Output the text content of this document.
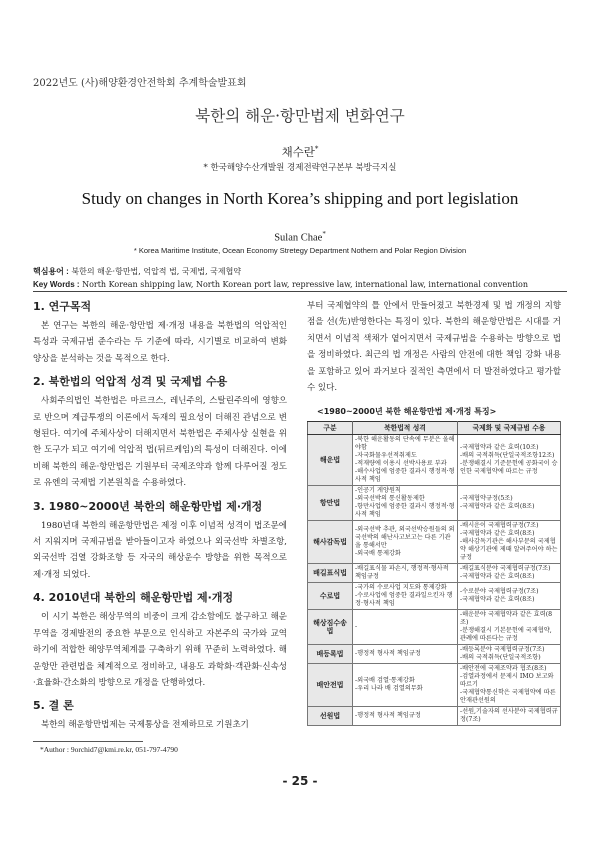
2022년도 (사)해양환경안전학회 추계학술발표회
북한의 해운·항만법제 변화연구
채수란*
* 한국해양수산개발원 경제전략연구본부 북방극지실
Study on changes in North Korea’s shipping and port legislation
Sulan Chae*
* Korea Maritime Institute, Ocean Economy Stretegy Department Nothern and Polar Region Division
핵심용어 : 북한의 해운·항만법, 억압적 법, 국제법, 국제협약
Key Words : North Korean shipping law, North Korean port law, repressive law, international law, international convention
1. 연구목적

본 연구는 북한의 해운·항만법 제·개정 내용을 북한법의 억압적인 특성과 국제규범 준수라는 두 기준에 따라, 시기별로 비교하여 변화양상을 분석하는 것을 목적으로 한다.

2. 북한법의 억압적 성격 및 국제법 수용

사회주의법인 북한법은 마르크스, 레닌주의, 스탈린주의에 영향으로 반으며 계급투쟁의 이론에서 독재의 필요성이 더해진 관념으로 변형된다. 여기에 주체사상이 더해지면서 북한법은 주체사상 실현을 위한 도구가 되고 여기에 억압적 법(뒤르케임)의 특성이 더해진다. 이에 비해 북한의 해운·항만법은 기원부터 국제조약과 함께 다루어질 정도로 유엔의 국제법 기본원칙을 수용하였다.

3. 1980~2000년 북한의 해운항만법 제·개정

1980년대 북한의 해운항만법은 제정 이후 이념적 성격이 법조문에서 지워지며 국제규범을 받아들이고자 하였으나 외국선박 차별조항, 외국선박 검열 강화조항 등 자국의 해상운수 방향을 위한 목적으로 제·개정 되었다.

4. 2010년대 북한의 해운항만법 제·개정

이 시기 북한은 해상무역의 비중이 크게 감소함에도 불구하고 해운무역을 경제발전의 중요한 부문으로 인식하고 자본주의 국가와 교역하기에 적합한 해양무역체계를 구축하기 위해 꾸준히 노력하였다. 해운항만 관련법을 체계적으로 정비하고, 내용도 과학화·객관화·신속성·효율화·간소화의 방향으로 개정을 단행하였다.

5. 결 론

북한의 해운항만법제는 국제통상을 전제하므로 기원초기

부터 국제협약의 틀 안에서 만들어졌고 북한경제 및 법 개정의 지향점을 선(先)반영한다는 특징이 있다. 북한의 해운항만법은 시대를 거치면서 이념적 색채가 옅어지면서 국제규범을 수용하는 방향으로 법을 정비하였다. 최근의 법 개정은 사람의 안전에 대한 책임 강화 내용을 포함하고 있어 과거보다 질적인 측면에서 더 발전하였다고 평가할 수 있다.

<1980~2000년 북한 해운항만법 제·개정 특징>
구분	북한법적 성격	국제화 및 국제규범 수용
해운법	-북한 해운활동의 단속에 무분은 올해야함
-자국화물우선적취제도
-적재량에 이용시 선박사용료 부과
-해수사업에 엄중한 결과시 행정적·형사적 책임	-국제협약과 같은 효력(10조)
-배의 국적취득(단일국적조항12조)
-분쟁해결시 기준문헌에 공화국이 승인한 국제협약에 따르는 규정

항만법	-인공기 게양원칙
-외국선박의 통신활동제한
-항만사업에 엄중한 결과시 행정적·형사적 책임	-국제협약규정(5조)
-국제협약과 같은 효력(8조)

해사감독법	-외국선박 추관, 외국선박승원들의 외국선박의 해난사고보고는 다른 기관을 통해서만
-외국배 통제강화	-배시운이 국제협력규정(7조)
-국제협약과 같은 효력(8조)
-해사감독기관은 해사부문의 국제협약 해상기관에 제때 알려주어야 하는 규정

배길표식법	-배길표식물 파손시, 행정적·형사적 책임규정	-배길표식분야 국제협력규정(7조)
-국제협약과 같은 효력(8조)

수로법	-국가의 수로사업 지도와 통제강화
-수로사업에 엄중한 결과일으킨자 행정·형사적 책임	-수로분야 국제협력규정(7조)
-국제협약과 같은 효력(8조)

해상짐수송법	-	-해운분야 국제협약과 같은 효력(8조)
-분쟁해결시 기본문헌에 국제협약, 관례에 따른다는 규정

배등록법	-행정적 형사적 책임규정	-배등록분야 국제협력규정(7조)
-배의 국적취득(단일국적조항)

배안전법	-외국배 검열·통제강화
-우리 나라 배 검열의무화	-배안전에 국제조약과 협조(8조)
-검열과정에서 문제시 IMO 보고와 따르기
-국제협약통신학은 국제협약에 따른 안재관선원의

선원법	-행정적 형사적 책임규정	-선원,기술자의 선사분야 국제협력규정(7조)
*Author : 9orchid7@kmi.re.kr, 051-797-4790
- 25 -
